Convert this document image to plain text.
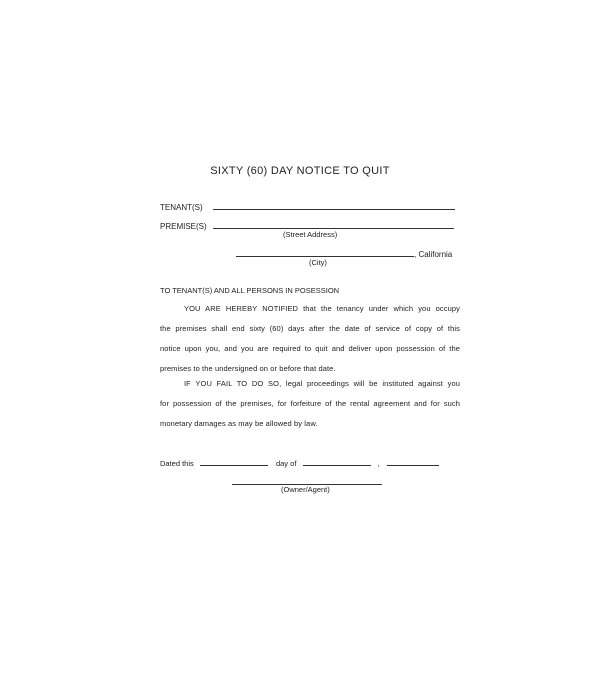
SIXTY (60) DAY NOTICE TO QUIT
TENANT(S)
PREMISE(S)
(Street Address)
, California
(City)
TO TENANT(S) AND ALL PERSONS IN POSESSION
YOU ARE HEREBY NOTIFIED that the tenancy under which you occupy
the premises shall end sixty (60) days after the date of service of copy of this
notice upon you, and you are required to quit and deliver upon possession of the
premises to the undersigned on or before that date.
IF YOU FAIL TO DO SO, legal proceedings will be instituted against you
for possession of the premises, for forfeiture of the rental agreement and for such
monetary damages as may be allowed by law.
Dated this	day of	,
(Owner/Agent)
